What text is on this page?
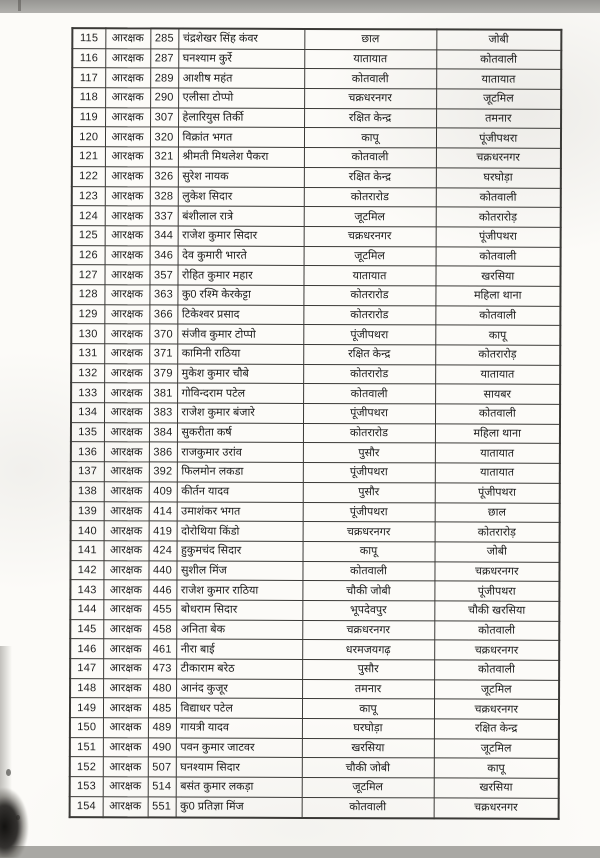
115	आरक्षक	285	चंद्रशेखर सिंह कंवर	छाल	जोबी
116	आरक्षक	287	घनश्याम कुर्रे	यातायात	कोतवाली
117	आरक्षक	289	आशीष महंत	कोतवाली	यातायात
118	आरक्षक	290	एलीसा टोप्पो	चक्रधरनगर	जूटमिल
119	आरक्षक	307	हेलारियुस तिर्की	रक्षित केन्द्र	तमनार
120	आरक्षक	320	विक्रांत भगत	कापू	पूंजीपथरा
121	आरक्षक	321	श्रीमती मिथलेश पैकरा	कोतवाली	चक्रधरनगर
122	आरक्षक	326	सुरेश नायक	रक्षित केन्द्र	घरघोड़ा
123	आरक्षक	328	लुकेश सिदार	कोतरारोड	कोतवाली
124	आरक्षक	337	बंशीलाल रात्रे	जूटमिल	कोतरारोड़
125	आरक्षक	344	राजेश कुमार सिदार	चक्रधरनगर	पूंजीपथरा
126	आरक्षक	346	देव कुमारी भारते	जूटमिल	कोतवाली
127	आरक्षक	357	रोहित कुमार महार	यातायात	खरसिया
128	आरक्षक	363	कु0 रश्मि केरकेट्टा	कोतरारोड	महिला थाना
129	आरक्षक	366	टिकेश्वर प्रसाद	कोतरारोड	कोतवाली
130	आरक्षक	370	संजीव कुमार टोप्पो	पूंजीपथरा	कापू
131	आरक्षक	371	कामिनी राठिया	रक्षित केन्द्र	कोतरारोड़
132	आरक्षक	379	मुकेश कुमार चौबे	कोतरारोड	यातायात
133	आरक्षक	381	गोविन्दराम पटेल	कोतवाली	सायबर
134	आरक्षक	383	राजेश कुमार बंजारे	पूंजीपथरा	कोतवाली
135	आरक्षक	384	सुकरीता कर्ष	कोतरारोड	महिला थाना
136	आरक्षक	386	राजकुमार उरांव	पुसौर	यातायात
137	आरक्षक	392	फिलमोन लकडा	पूंजीपथरा	यातायात
138	आरक्षक	409	कीर्तन यादव	पुसौर	पूंजीपथरा
139	आरक्षक	414	उमाशंकर भगत	पूंजीपथरा	छाल
140	आरक्षक	419	दोरोथिया किंडो	चक्रधरनगर	कोतरारोड़
141	आरक्षक	424	हुकुमचंद सिदार	कापू	जोबी
142	आरक्षक	440	सुशील मिंज	कोतवाली	चक्रधरनगर
143	आरक्षक	446	राजेश कुमार राठिया	चौकी जोबी	पूंजीपथरा
144	आरक्षक	455	बोधराम सिदार	भूपदेवपुर	चौकी खरसिया
145	आरक्षक	458	अनिता बेक	चक्रधरनगर	कोतवाली
146	आरक्षक	461	नीरा बाई	धरमजयगढ़	चक्रधरनगर
147	आरक्षक	473	टीकाराम बरेठ	पुसौर	कोतवाली
148	आरक्षक	480	आनंद कुजूर	तमनार	जूटमिल
149	आरक्षक	485	विद्याधर पटेल	कापू	चक्रधरनगर
150	आरक्षक	489	गायत्री यादव	घरघोड़ा	रक्षित केन्द्र
151	आरक्षक	490	पवन कुमार जाटवर	खरसिया	जूटमिल
152	आरक्षक	507	घनश्याम सिदार	चौकी जोबी	कापू
153	आरक्षक	514	बसंत कुमार लकड़ा	जूटमिल	खरसिया
154	आरक्षक	551	कु0 प्रतिज्ञा मिंज	कोतवाली	चक्रधरनगर
